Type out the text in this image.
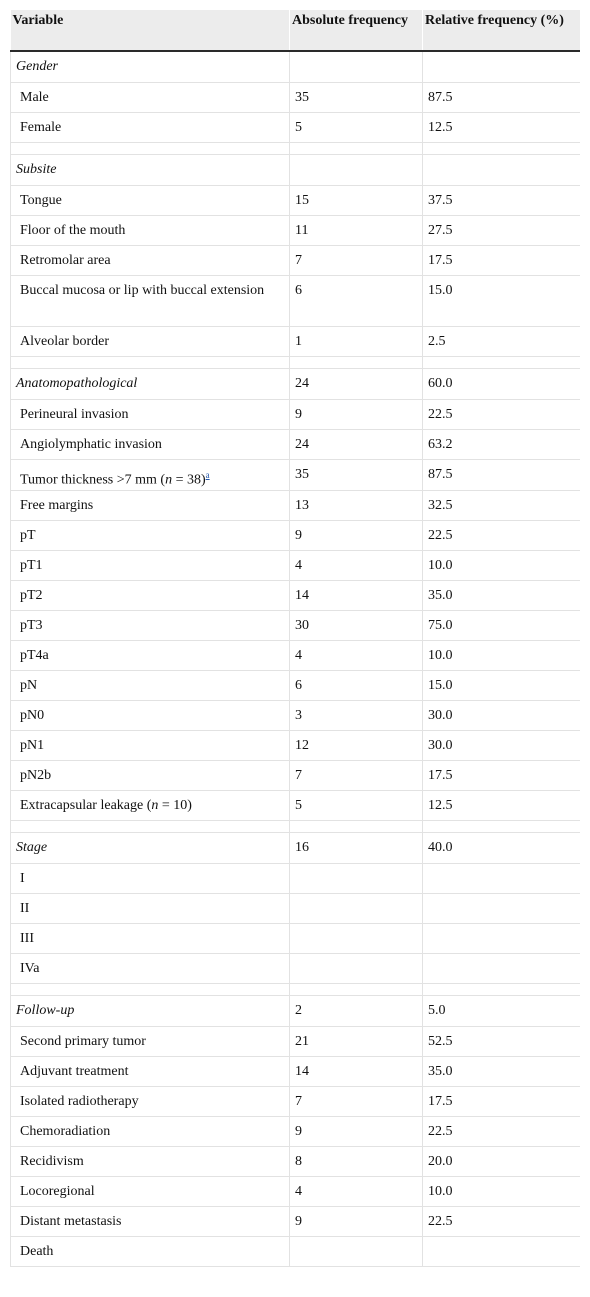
Variable	Absolute frequency	Relative frequency (%)
Gender		
Male	35	87.5
Female	5	12.5

Subsite		
Tongue	15	37.5
Floor of the mouth	11	27.5
Retromolar area	7	17.5
Buccal mucosa or lip with buccal extension	6	15.0
Alveolar border	1	2.5

Anatomopathological	24	60.0
Perineural invasion	9	22.5
Angiolymphatic invasion	24	63.2
Tumor thickness >7 mm (n = 38)$^a$	35	87.5
Free margins	13	32.5
pT	9	22.5
pT1	4	10.0
pT2	14	35.0
pT3	30	75.0
pT4a	4	10.0
pN	6	15.0
pN0	3	30.0
pN1	12	30.0
pN2b	7	17.5
Extracapsular leakage (n = 10)	5	12.5

Stage	16	40.0
I		
II		
III		
IVa		

Follow-up	2	5.0
Second primary tumor	21	52.5
Adjuvant treatment	14	35.0
Isolated radiotherapy	7	17.5
Chemoradiation	9	22.5
Recidivism	8	20.0
Locoregional	4	10.0
Distant metastasis	9	22.5
Death		
